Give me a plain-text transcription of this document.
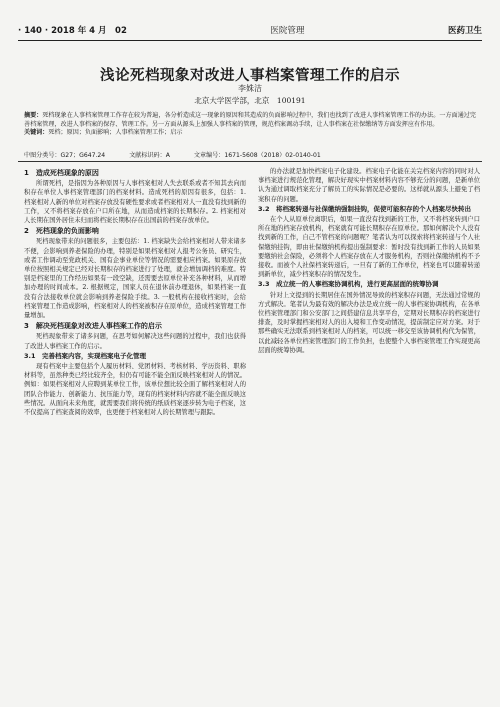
· 140 · 2018 年 4 月　02	医院管理	医药卫生
浅论死档现象对改进人事档案管理工作的启示
李姝洁
北京大学医学部，北京　100191
摘要：死档现象在人事档案管理工作存在较为普遍，各分析造成这一现象的原因和其造成的负面影响过程中，我们也找到了改进人事档案管理工作的办法。一方面通过完善档案管理，改进人事档案的保存、管理工作。另一方面从源头上加强人事档案的管理，规范档案调动手续，让人事档案在社保缴纳等方面发挥应有作用。
关键词：死档；原因；负面影响；人事档案管理工作；启示
中图分类号：G27；G647.24	文献标识码：A	文章编号：1671-5608（2018）02-0140-01
1　造成死档现象的原因

所谓死档，是指因为各种原因与人事档案相对人失去联系或者不知其去向而积存在单位人事档案管理部门的档案材料。造成死档的原因有很多，包括：1. 档案相对人新的单位对档案存放没有硬性要求或者档案相对人一直没有找到新的工作，又不将档案存放在户口所在地，从而造成档案的长期积存。2. 档案相对人长期在国外居住未归而将档案长期积存在出国前的档案存放单位。

2　死档现象的负面影响

死档现象带来的问题很多，主要包括：1. 档案缺失会给档案相对人带来诸多不便，会影响到养老保险的办理，特别是如果档案相对人报考公务员、研究生，或者工作调动至党政机关、国有企事业单位等情况的需要相应档案。如果原存放单位按照相关规定已经对长期积存的档案进行了处理，就会增加调档的难度。特别是档案里的工作经历如果有一段空缺，还需要去原单位补充各种材料，从而增加办理的时间成本。2. 根据规定，国家人员在退休前办理退休，如果档案一直没有合法接收单位就会影响到养老保险手续。3. 一般机构在接收档案时，会给档案管理工作造成影响，档案相对人的档案被积存在原单位，造成档案管理工作量增加。

3　解决死档现象对改进人事档案工作的启示

死档现象带来了诸多问题，在思考如何解决这些问题的过程中，我们也获得了改进人事档案工作的启示。

3.1　完善档案内容，实现档案电子化管理

现有档案中主要包括个人履历材料、党团材料、考核材料、学历资料、职称材料等，虽然种类已经比较齐全，但仍有可能不能全面反映档案相对人的情况。例如：如果档案相对人应聘到某单位工作，该单位想比较全面了解档案相对人的团队合作能力、创新能力、抗压能力等，现有的档案材料内容就不能全面反映这些情况。从面向未来角度，就需要我们将传统的纸质档案逐步转为电子档案，这不仅提高了档案查阅的效率，也更便于档案相对人的长期管理与跟踪。

的办法就是加快档案电子化建设。档案电子化能在关完档案内容的同时对人事档案进行规范化管理，解决好现实中档案材料内容不够充分的问题，是新单位认为通过调取档案充分了解员工的实际情况是必要的。这样就从源头上避免了档案积存的问题。

3.2　将档案转递与社保缴纳强制挂钩，促使可能积存的个人档案尽快转出

在个人从原单位离职后，如果一直没有找到新的工作，又不将档案转到户口所在地的档案存放机构，档案就有可能长期积存在原单位。那如何解决个人没有找到新的工作，自己不管档案的问题呢？笔者认为可以探索将档案转递与个人社保缴纳挂钩，即由社保缴纳机构提出强制要求：暂时没有找到新工作的人员如果要缴纳社会保险，必须将个人档案存放在人才服务机构，否则社保缴纳机构不予接收。而被个人社保档案转递后，一旦有了新的工作单位，档案也可以随着转递到新单位，减少档案积存的情况发生。

3.3　成立统一的人事档案协调机构，进行更高层面的统筹协调

针对上文提到的长期居住在国外情况导致的档案积存问题，无法通过常规的方式解决。笔者认为最有效的解决办法是成立统一的人事档案协调机构，在各单位档案管理部门和公安部门之间搭建信息共享平台，定期对长期积存的档案进行排查，及时掌握档案相对人的出入境和工作变动情况，提前制定应对方案。对于那些确实无法联系到档案相对人的档案，可以统一移交至该协调机构代为保管，以此减轻各单位档案管理部门的工作负担，也使整个人事档案管理工作实现更高层面的统筹协调。
